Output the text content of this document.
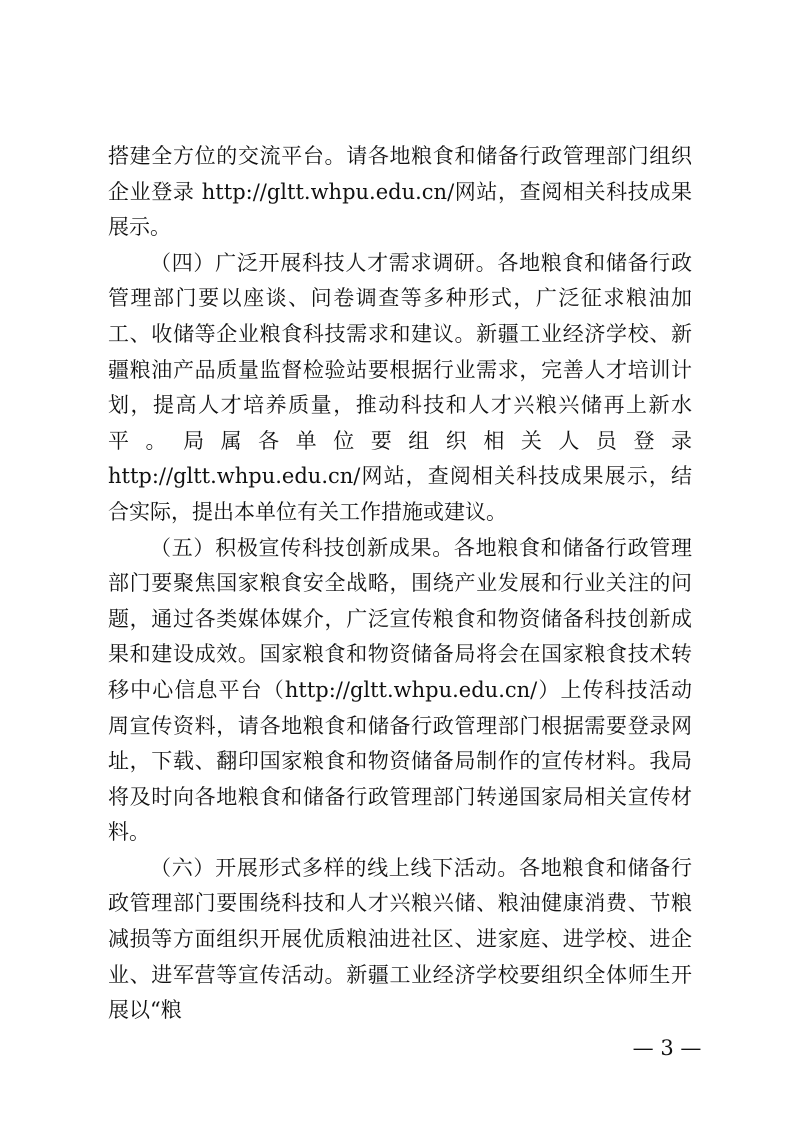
搭建全方位的交流平台。请各地粮食和储备行政管理部门组织企业登录 http://gltt.whpu.edu.cn/网站，查阅相关科技成果展示。

（四）广泛开展科技人才需求调研。各地粮食和储备行政管理部门要以座谈、问卷调查等多种形式，广泛征求粮油加工、收储等企业粮食科技需求和建议。新疆工业经济学校、新疆粮油产品质量监督检验站要根据行业需求，完善人才培训计划，提高人才培养质量，推动科技和人才兴粮兴储再上新水平。局属各单位要组织相关人员登录 http://gltt.whpu.edu.cn/网站，查阅相关科技成果展示，结合实际，提出本单位有关工作措施或建议。

（五）积极宣传科技创新成果。各地粮食和储备行政管理部门要聚焦国家粮食安全战略，围绕产业发展和行业关注的问题，通过各类媒体媒介，广泛宣传粮食和物资储备科技创新成果和建设成效。国家粮食和物资储备局将会在国家粮食技术转移中心信息平台（http://gltt.whpu.edu.cn/）上传科技活动周宣传资料，请各地粮食和储备行政管理部门根据需要登录网址，下载、翻印国家粮食和物资储备局制作的宣传材料。我局将及时向各地粮食和储备行政管理部门转递国家局相关宣传材料。

（六）开展形式多样的线上线下活动。各地粮食和储备行政管理部门要围绕科技和人才兴粮兴储、粮油健康消费、节粮减损等方面组织开展优质粮油进社区、进家庭、进学校、进企业、进军营等宣传活动。新疆工业经济学校要组织全体师生开展以“粮

— 3 —
